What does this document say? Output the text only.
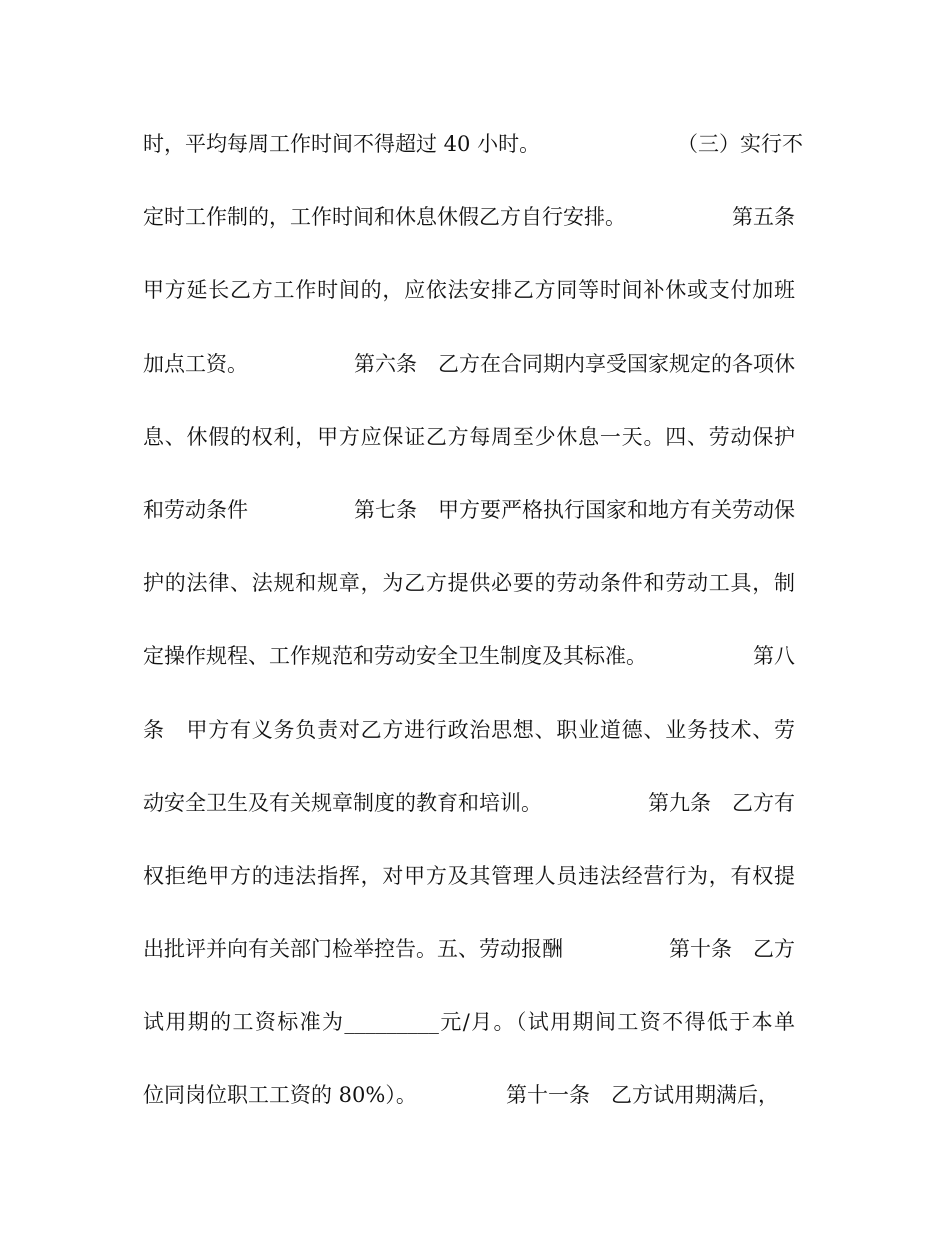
时，平均每周工作时间不得超过 40 小时。

	（三）实行不

定时工作制的，工作时间和休息休假乙方自行安排。

	第五条

甲方延长乙方工作时间的，应依法安排乙方同等时间补休或支付加班

加点工资。

	第六条　乙方在合同期内享受国家规定的各项休

息、休假的权利，甲方应保证乙方每周至少休息一天。四、劳动保护

和劳动条件

	第七条　甲方要严格执行国家和地方有关劳动保

护的法律、法规和规章，为乙方提供必要的劳动条件和劳动工具，制

定操作规程、工作规范和劳动安全卫生制度及其标准。

	第八

条　甲方有义务负责对乙方进行政治思想、职业道德、业务技术、劳

动安全卫生及有关规章制度的教育和培训。

	第九条　乙方有

权拒绝甲方的违法指挥，对甲方及其管理人员违法经营行为，有权提

出批评并向有关部门检举控告。五、劳动报酬

	第十条　乙方

试用期的工资标准为_________元/月。（试用期间工资不得低于本单

位同岗位职工工资的 80%）。

	第十一条　乙方试用期满后，
